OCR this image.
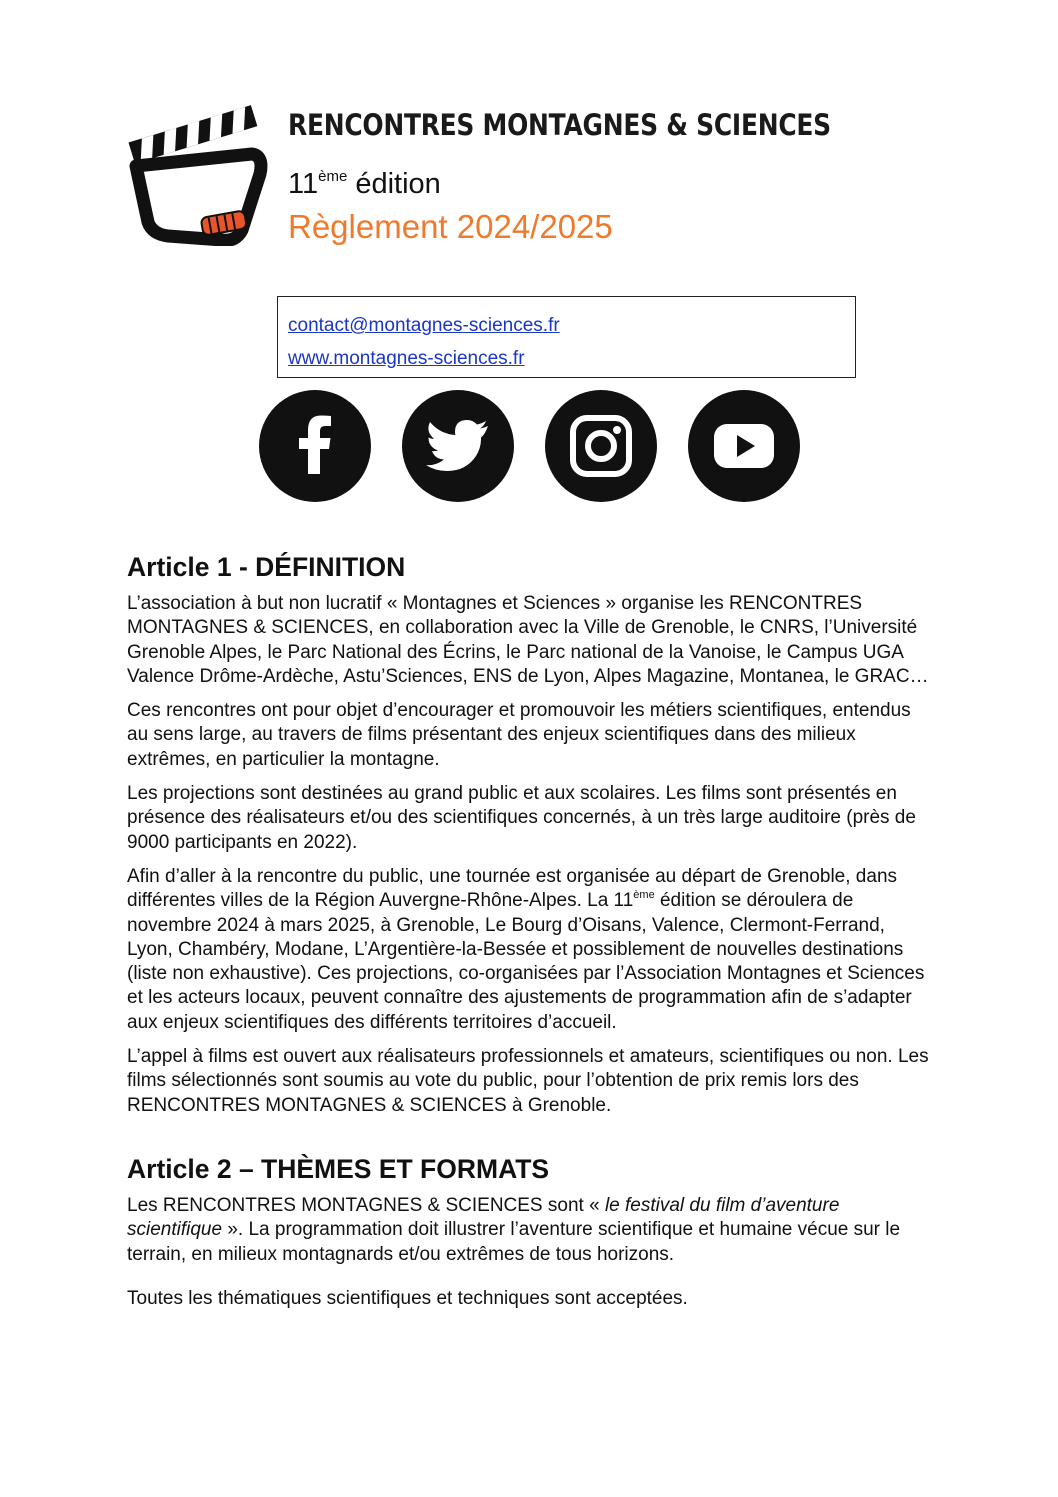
RENCONTRES MONTAGNES & SCIENCES
11ème édition
Règlement 2024/2025
contact@montagnes-sciences.fr
www.montagnes-sciences.fr
Article 1 - DÉFINITION

L’association à but non lucratif « Montagnes et Sciences » organise les RENCONTRES MONTAGNES & SCIENCES, en collaboration avec la Ville de Grenoble, le CNRS, l’Université Grenoble Alpes, le Parc National des Écrins, le Parc national de la Vanoise, le Campus UGA Valence Drôme-Ardèche, Astu’Sciences, ENS de Lyon, Alpes Magazine, Montanea, le GRAC…

Ces rencontres ont pour objet d’encourager et promouvoir les métiers scientifiques, entendus au sens large, au travers de films présentant des enjeux scientifiques dans des milieux extrêmes, en particulier la montagne.

Les projections sont destinées au grand public et aux scolaires. Les films sont présentés en présence des réalisateurs et/ou des scientifiques concernés, à un très large auditoire (près de 9000 participants en 2022).

Afin d’aller à la rencontre du public, une tournée est organisée au départ de Grenoble, dans différentes villes de la Région Auvergne-Rhône-Alpes. La 11ème édition se déroulera de novembre 2024 à mars 2025, à Grenoble, Le Bourg d’Oisans, Valence, Clermont-Ferrand, Lyon, Chambéry, Modane, L’Argentière-la-Bessée et possiblement de nouvelles destinations (liste non exhaustive). Ces projections, co-organisées par l’Association Montagnes et Sciences et les acteurs locaux, peuvent connaître des ajustements de programmation afin de s’adapter aux enjeux scientifiques des différents territoires d’accueil.

L’appel à films est ouvert aux réalisateurs professionnels et amateurs, scientifiques ou non. Les films sélectionnés sont soumis au vote du public, pour l’obtention de prix remis lors des RENCONTRES MONTAGNES & SCIENCES à Grenoble.

Article 2 – THÈMES ET FORMATS

Les RENCONTRES MONTAGNES & SCIENCES sont « le festival du film d’aventure scientifique ». La programmation doit illustrer l’aventure scientifique et humaine vécue sur le terrain, en milieux montagnards et/ou extrêmes de tous horizons.

Toutes les thématiques scientifiques et techniques sont acceptées.
